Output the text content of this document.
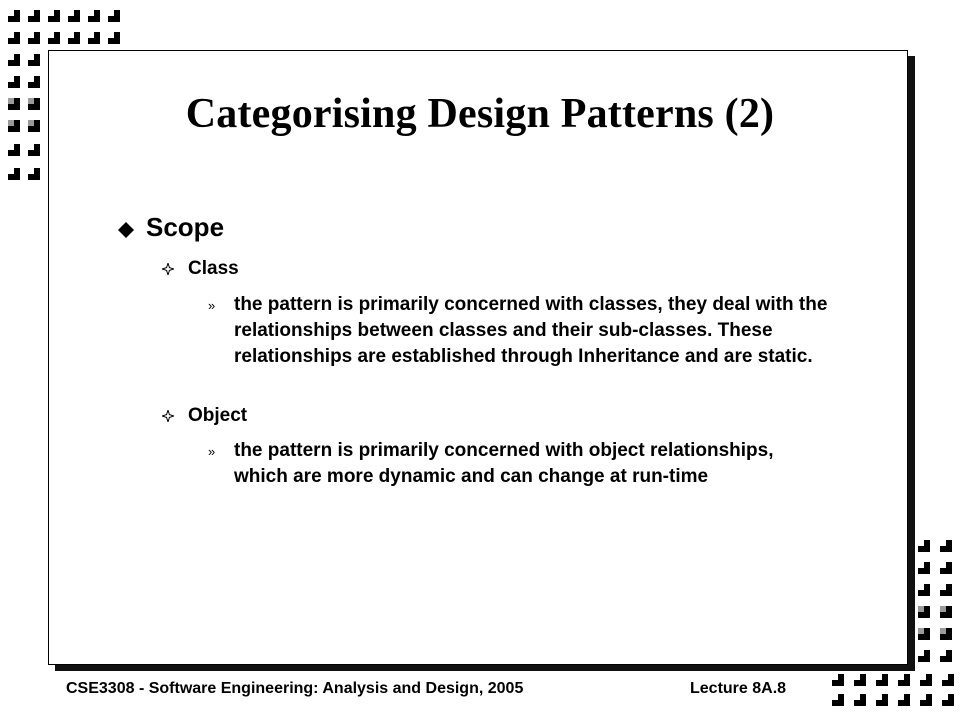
Categorising Design Patterns (2)
Scope
Class
» the pattern is primarily concerned with classes, they deal with the relationships between classes and their sub-classes. These relationships are established through Inheritance and are static.
Object
» the pattern is primarily concerned with object relationships, which are more dynamic and can change at run-time
CSE3308 - Software Engineering: Analysis and Design, 2005	Lecture 8A.8
